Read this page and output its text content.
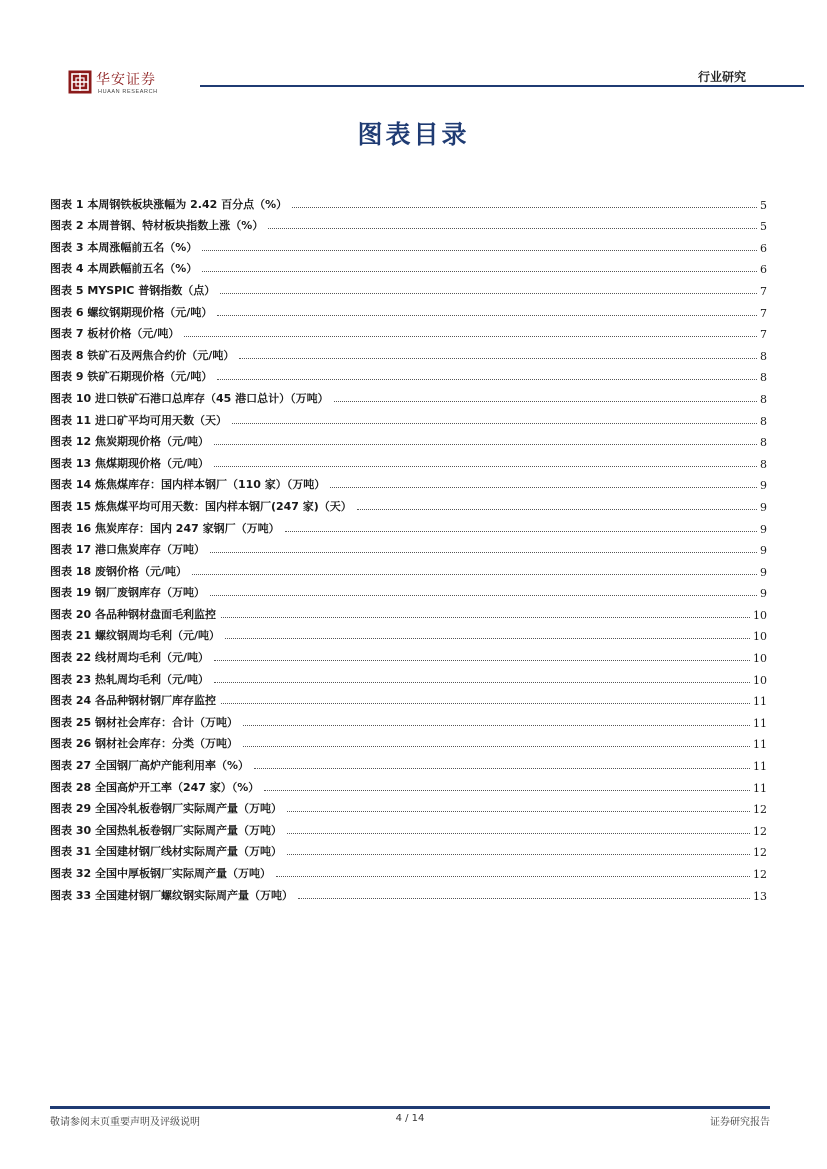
华安证券
HUAAN RESEARCH
行业研究
图表目录
图表 1 本周钢铁板块涨幅为 2.42 百分点（%）	5
图表 2 本周普钢、特材板块指数上涨（%）	5
图表 3 本周涨幅前五名（%）	6
图表 4 本周跌幅前五名（%）	6
图表 5 MYSPIC 普钢指数（点）	7
图表 6 螺纹钢期现价格（元/吨）	7
图表 7 板材价格（元/吨）	7
图表 8 铁矿石及两焦合约价（元/吨）	8
图表 9 铁矿石期现价格（元/吨）	8
图表 10 进口铁矿石港口总库存（45 港口总计）（万吨）	8
图表 11 进口矿平均可用天数（天）	8
图表 12 焦炭期现价格（元/吨）	8
图表 13 焦煤期现价格（元/吨）	8
图表 14 炼焦煤库存：国内样本钢厂（110 家）（万吨）	9
图表 15 炼焦煤平均可用天数：国内样本钢厂(247 家)（天）	9
图表 16 焦炭库存：国内 247 家钢厂（万吨）	9
图表 17 港口焦炭库存（万吨）	9
图表 18 废钢价格（元/吨）	9
图表 19 钢厂废钢库存（万吨）	9
图表 20 各品种钢材盘面毛利监控	10
图表 21 螺纹钢周均毛利（元/吨）	10
图表 22 线材周均毛利（元/吨）	10
图表 23 热轧周均毛利（元/吨）	10
图表 24 各品种钢材钢厂库存监控	11
图表 25 钢材社会库存：合计（万吨）	11
图表 26 钢材社会库存：分类（万吨）	11
图表 27 全国钢厂高炉产能利用率（%）	11
图表 28 全国高炉开工率（247 家）（%）	11
图表 29 全国冷轧板卷钢厂实际周产量（万吨）	12
图表 30 全国热轧板卷钢厂实际周产量（万吨）	12
图表 31 全国建材钢厂线材实际周产量（万吨）	12
图表 32 全国中厚板钢厂实际周产量（万吨）	12
图表 33 全国建材钢厂螺纹钢实际周产量（万吨）	13
敬请参阅末页重要声明及评级说明	4 / 14	证券研究报告
